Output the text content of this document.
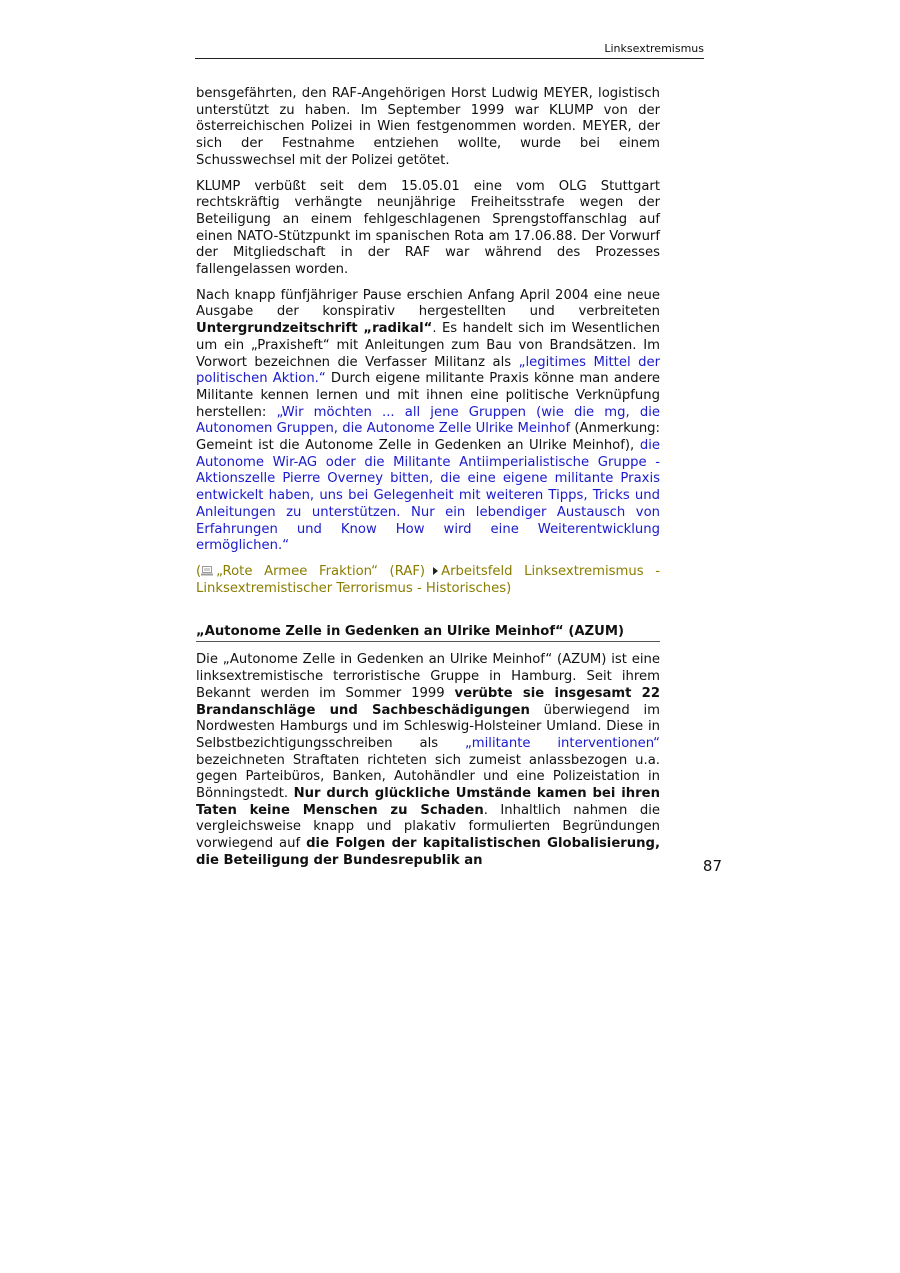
Linksextremismus

bensgefährten, den RAF-Angehörigen Horst Ludwig MEYER, logistisch unterstützt zu haben. Im September 1999 war KLUMP von der österreichischen Polizei in Wien festgenommen worden. MEYER, der sich der Festnahme entziehen wollte, wurde bei einem Schusswechsel mit der Polizei getötet.

KLUMP verbüßt seit dem 15.05.01 eine vom OLG Stuttgart rechtskräftig verhängte neunjährige Freiheitsstrafe wegen der Beteiligung an einem fehlgeschlagenen Sprengstoffanschlag auf einen NATO-Stützpunkt im spanischen Rota am 17.06.88. Der Vorwurf der Mitgliedschaft in der RAF war während des Prozesses fallengelassen worden.

Nach knapp fünfjähriger Pause erschien Anfang April 2004 eine neue Ausgabe der konspirativ hergestellten und verbreiteten Untergrundzeitschrift „radikal“. Es handelt sich im Wesentlichen um ein „Praxisheft“ mit Anleitungen zum Bau von Brandsätzen. Im Vorwort bezeichnen die Verfasser Militanz als „legitimes Mittel der politischen Aktion.“ Durch eigene militante Praxis könne man andere Militante kennen lernen und mit ihnen eine politische Verknüpfung herstellen: „Wir möchten ... all jene Gruppen (wie die mg, die Autonomen Gruppen, die Autonome Zelle Ulrike Meinhof (Anmerkung: Gemeint ist die Autonome Zelle in Gedenken an Ulrike Meinhof), die Autonome Wir-AG oder die Militante Antiimperialistische Gruppe - Aktionszelle Pierre Overney bitten, die eine eigene militante Praxis entwickelt haben, uns bei Gelegenheit mit weiteren Tipps, Tricks und Anleitungen zu unterstützen. Nur ein lebendiger Austausch von Erfahrungen und Know How wird eine Weiterentwicklung ermöglichen.“

( „Rote Armee Fraktion“ (RAF) Arbeitsfeld Linksextremismus - Linksextremistischer Terrorismus - Historisches)

„Autonome Zelle in Gedenken an Ulrike Meinhof“ (AZUM)

Die „Autonome Zelle in Gedenken an Ulrike Meinhof“ (AZUM) ist eine linksextremistische terroristische Gruppe in Hamburg. Seit ihrem Bekannt werden im Sommer 1999 verübte sie insgesamt 22 Brandanschläge und Sachbeschädigungen überwiegend im Nordwesten Hamburgs und im Schleswig-Holsteiner Umland. Diese in Selbstbezichtigungsschreiben als „militante interventionen“ bezeichneten Straftaten richteten sich zumeist anlassbezogen u.a. gegen Parteibüros, Banken, Autohändler und eine Polizeistation in Bönningstedt. Nur durch glückliche Umstände kamen bei ihren Taten keine Menschen zu Schaden. Inhaltlich nahmen die vergleichsweise knapp und plakativ formulierten Begründungen vorwiegend auf die Folgen der kapitalistischen Globalisierung, die Beteiligung der Bundesrepublik an	87
